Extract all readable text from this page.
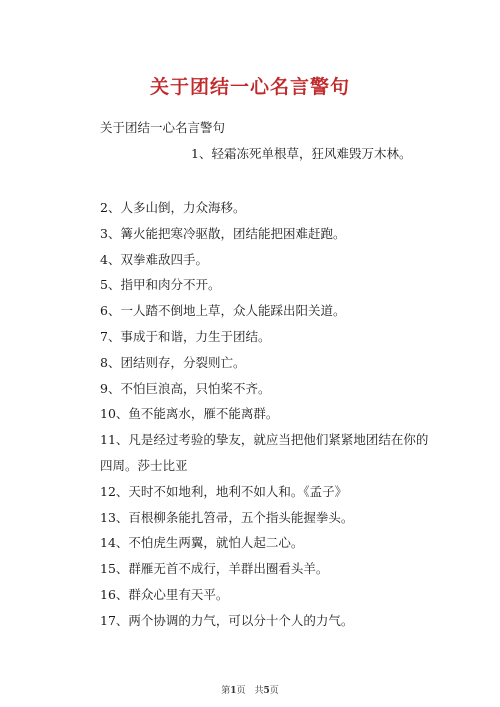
关于团结一心名言警句
关于团结一心名言警句
1、轻霜冻死单根草，狂风难毁万木林。
2、人多山倒，力众海移。
3、篝火能把寒冷驱散，团结能把困难赶跑。
4、双拳难敌四手。
5、指甲和肉分不开。
6、一人踏不倒地上草，众人能踩出阳关道。
7、事成于和谐，力生于团结。
8、团结则存，分裂则亡。
9、不怕巨浪高，只怕桨不齐。
10、鱼不能离水，雁不能离群。
11、凡是经过考验的挚友，就应当把他们紧紧地团结在你的四周。莎士比亚
12、天时不如地利，地利不如人和。《孟子》
13、百根柳条能扎笤帚，五个指头能握拳头。
14、不怕虎生两翼，就怕人起二心。
15、群雁无首不成行，羊群出圈看头羊。
16、群众心里有天平。
17、两个协调的力气，可以分十个人的力气。
第1页　共5页
